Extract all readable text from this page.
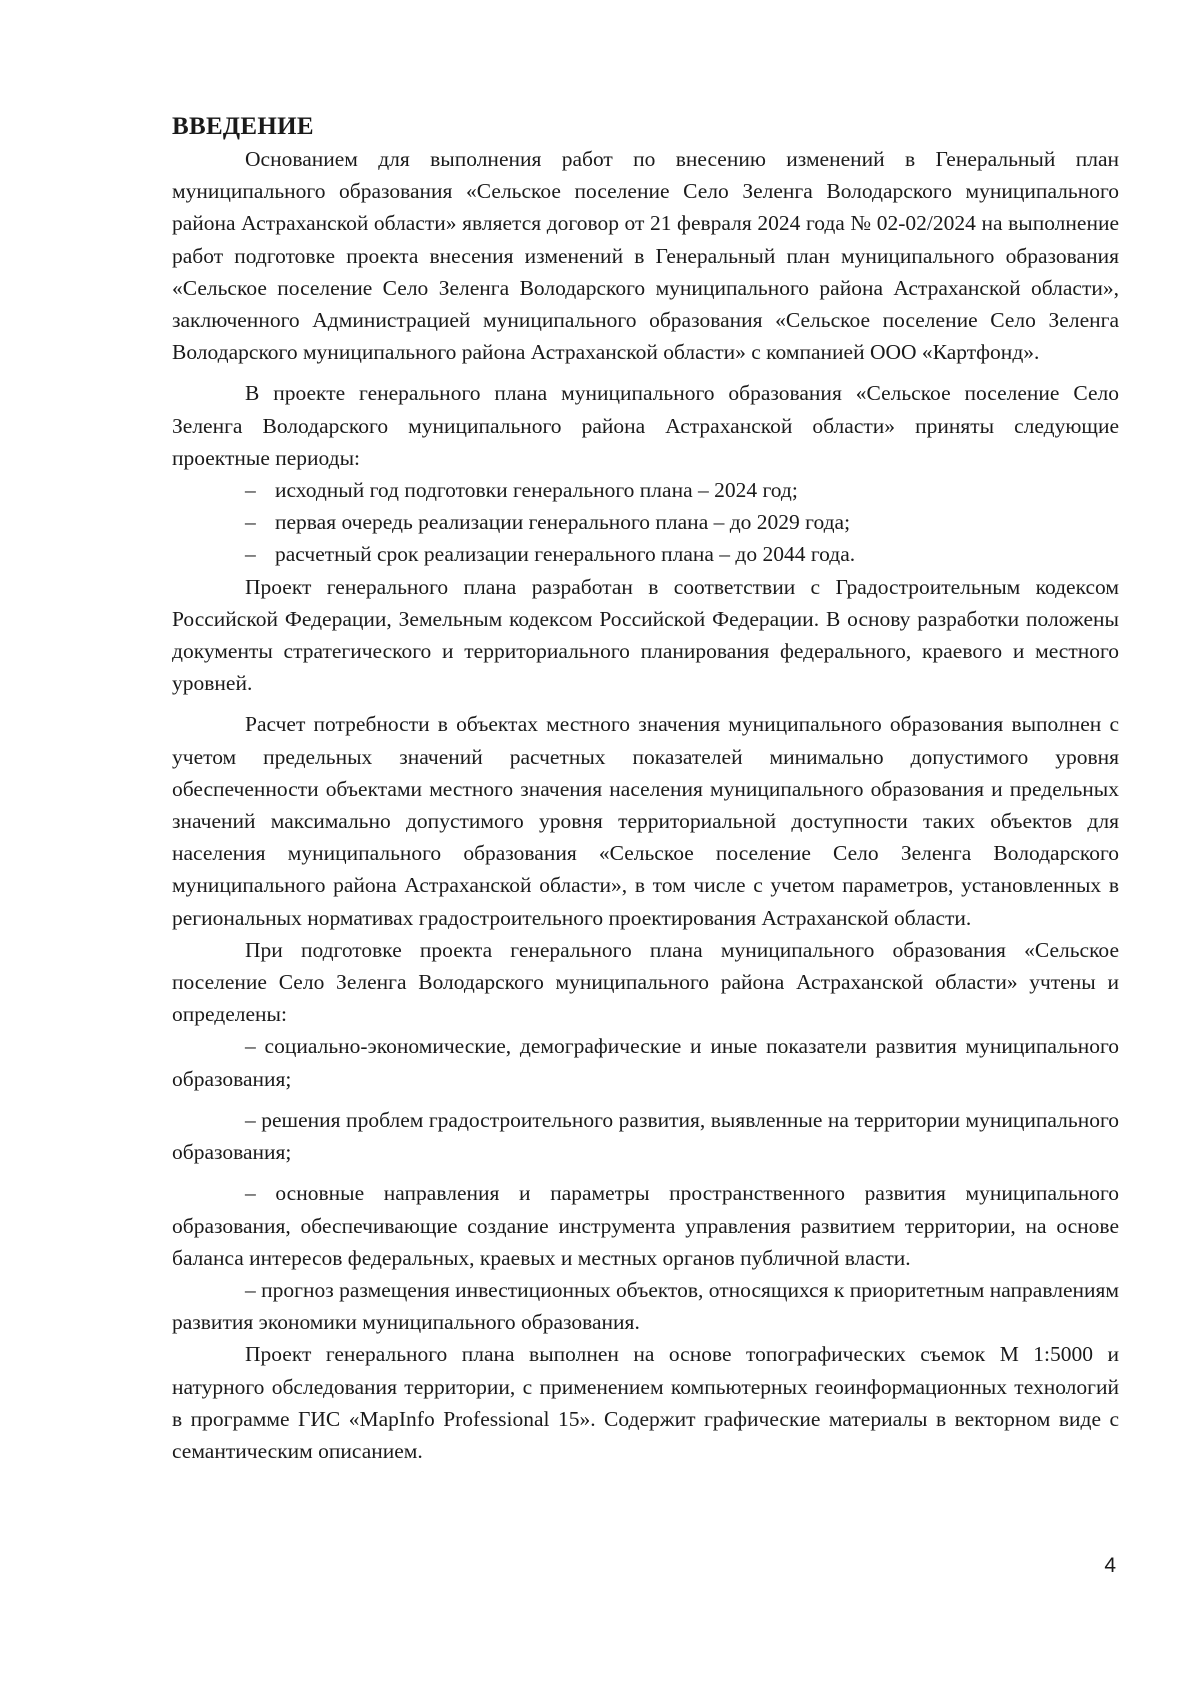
ВВЕДЕНИЕ

Основанием для выполнения работ по внесению изменений в Генеральный план муниципального образования «Сельское поселение Село Зеленга Володарского муниципального района Астраханской области» является договор от 21 февраля 2024 года № 02-02/2024 на выполнение работ подготовке проекта внесения изменений в Генеральный план муниципального образования «Сельское поселение Село Зеленга Володарского муниципального района Астраханской области», заключенного Администрацией муниципального образования «Сельское поселение Село Зеленга Володарского муниципального района Астраханской области» с компанией ООО «Картфонд».

В проекте генерального плана муниципального образования «Сельское поселение Село Зеленга Володарского муниципального района Астраханской области» приняты следующие проектные периоды:

– исходный год подготовки генерального плана – 2024 год;
– первая очередь реализации генерального плана – до 2029 года;
– расчетный срок реализации генерального плана – до 2044 года.

Проект генерального плана разработан в соответствии с Градостроительным кодексом Российской Федерации, Земельным кодексом Российской Федерации. В основу разработки положены документы стратегического и территориального планирования федерального, краевого и местного уровней.

Расчет потребности в объектах местного значения муниципального образования выполнен с учетом предельных значений расчетных показателей минимально допустимого уровня обеспеченности объектами местного значения населения муниципального образования и предельных значений максимально допустимого уровня территориальной доступности таких объектов для населения муниципального образования «Сельское поселение Село Зеленга Володарского муниципального района Астраханской области», в том числе с учетом параметров, установленных в региональных нормативах градостроительного проектирования Астраханской области.

При подготовке проекта генерального плана муниципального образования «Сельское поселение Село Зеленга Володарского муниципального района Астраханской области» учтены и определены:

– социально-экономические, демографические и иные показатели развития муниципального образования;

– решения проблем градостроительного развития, выявленные на территории муниципального образования;

– основные направления и параметры пространственного развития муниципального образования, обеспечивающие создание инструмента управления развитием территории, на основе баланса интересов федеральных, краевых и местных органов публичной власти.

– прогноз размещения инвестиционных объектов, относящихся к приоритетным направлениям развития экономики муниципального образования.

Проект генерального плана выполнен на основе топографических съемок М 1:5000 и натурного обследования территории, с применением компьютерных геоинформационных технологий в программе ГИС «MapInfo Professional 15». Содержит графические материалы в векторном виде с семантическим описанием.

4
